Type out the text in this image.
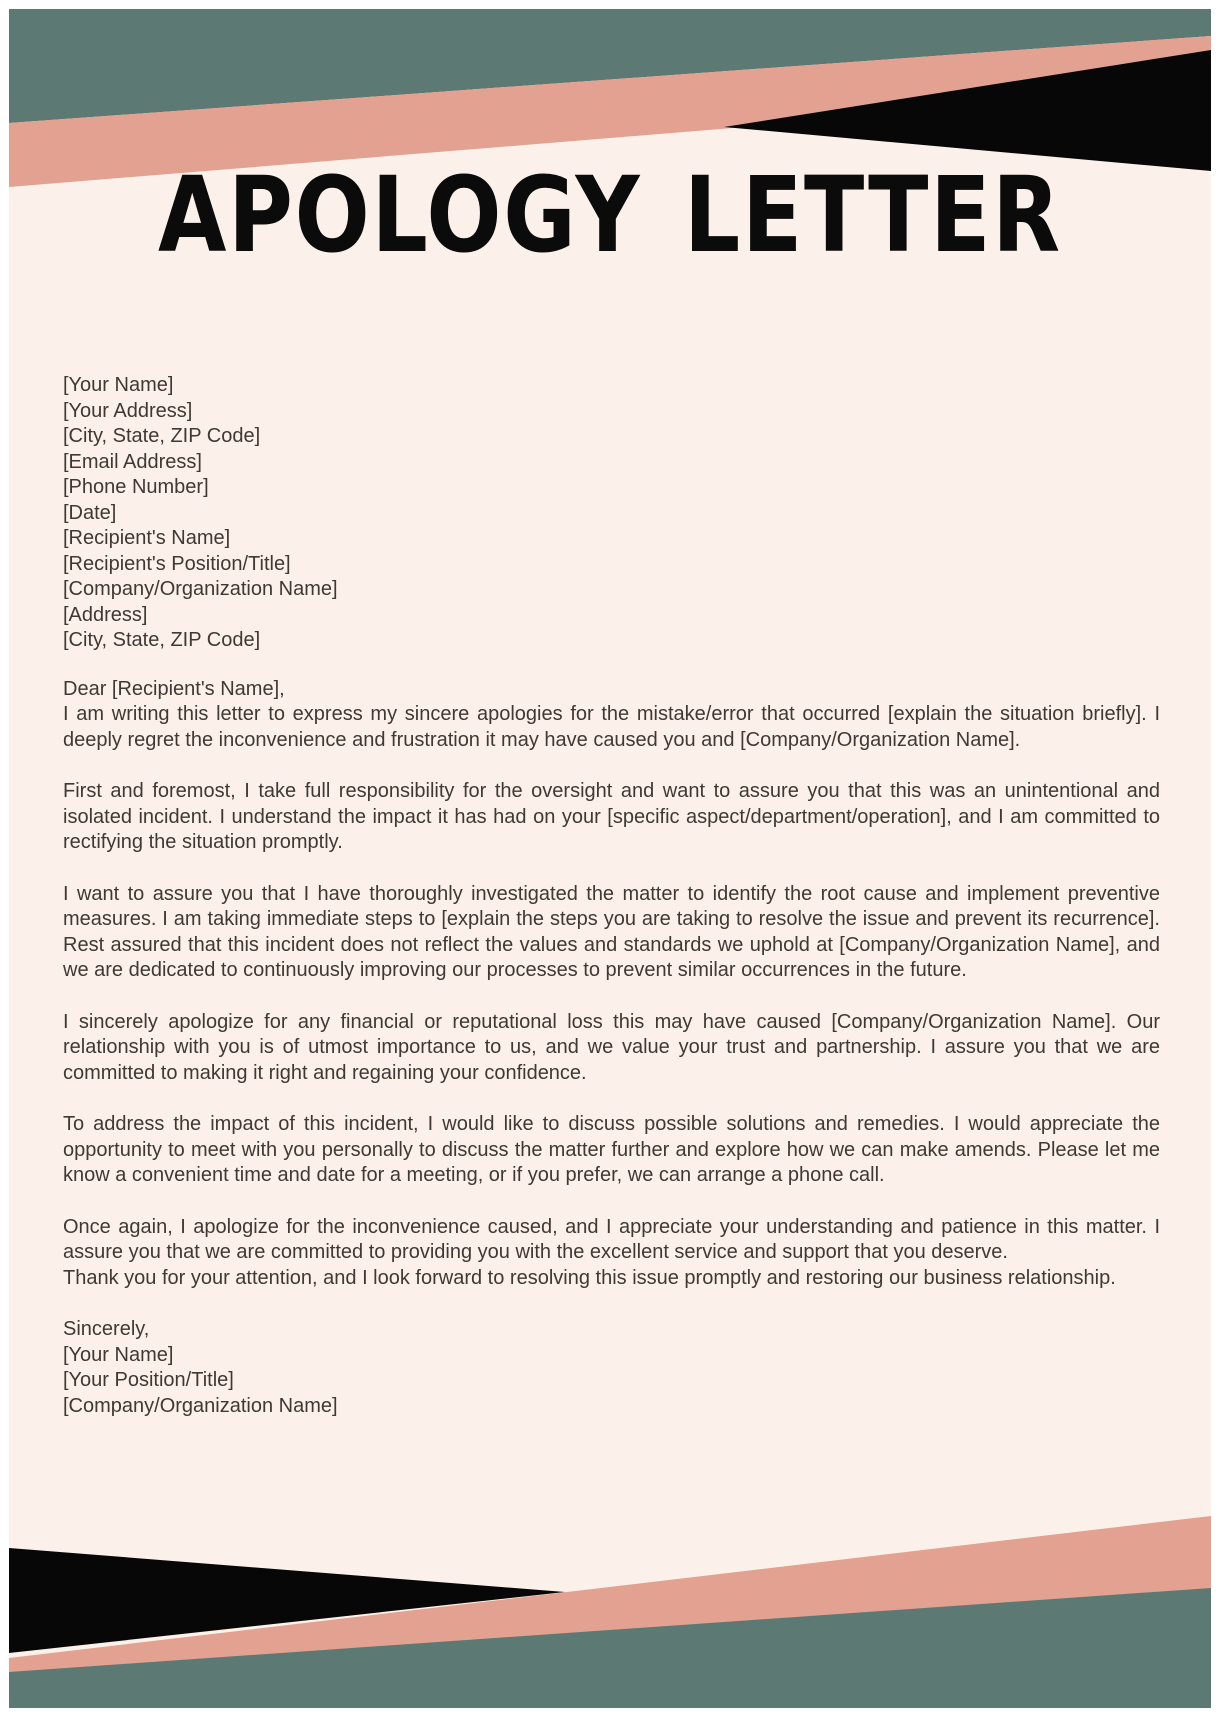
APOLOGY LETTER
[Your Name]
[Your Address]
[City, State, ZIP Code]
[Email Address]
[Phone Number]
[Date]
[Recipient's Name]
[Recipient's Position/Title]
[Company/Organization Name]
[Address]
[City, State, ZIP Code]
Dear [Recipient's Name],

I am writing this letter to express my sincere apologies for the mistake/error that occurred [explain the situation briefly]. I deeply regret the inconvenience and frustration it may have caused you and [Company/Organization Name].

First and foremost, I take full responsibility for the oversight and want to assure you that this was an unintentional and isolated incident. I understand the impact it has had on your [specific aspect/department/operation], and I am committed to rectifying the situation promptly.

I want to assure you that I have thoroughly investigated the matter to identify the root cause and implement preventive measures. I am taking immediate steps to [explain the steps you are taking to resolve the issue and prevent its recurrence]. Rest assured that this incident does not reflect the values and standards we uphold at [Company/Organization Name], and we are dedicated to continuously improving our processes to prevent similar occurrences in the future.

I sincerely apologize for any financial or reputational loss this may have caused [Company/Organization Name]. Our relationship with you is of utmost importance to us, and we value your trust and partnership. I assure you that we are committed to making it right and regaining your confidence.

To address the impact of this incident, I would like to discuss possible solutions and remedies. I would appreciate the opportunity to meet with you personally to discuss the matter further and explore how we can make amends. Please let me know a convenient time and date for a meeting, or if you prefer, we can arrange a phone call.

Once again, I apologize for the inconvenience caused, and I appreciate your understanding and patience in this matter. I assure you that we are committed to providing you with the excellent service and support that you deserve.

Thank you for your attention, and I look forward to resolving this issue promptly and restoring our business relationship.

Sincerely,
[Your Name]
[Your Position/Title]
[Company/Organization Name]
